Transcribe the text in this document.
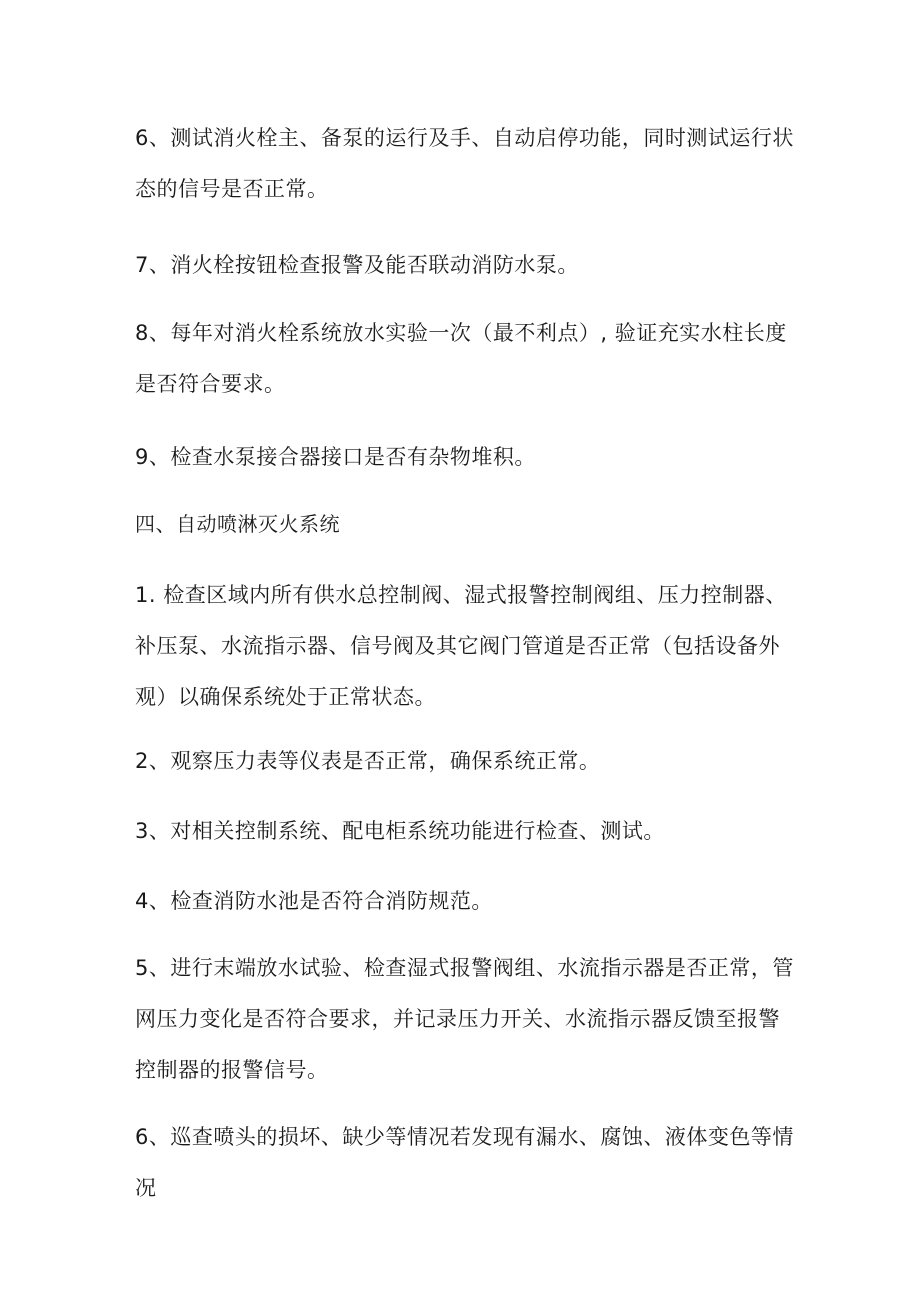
6、测试消火栓主、备泵的运行及手、自动启停功能，同时测试运行状态的信号是否正常。

7、消火栓按钮检查报警及能否联动消防水泵。

8、每年对消火栓系统放水实验一次（最不利点）, 验证充实水柱长度是否符合要求。

9、检查水泵接合器接口是否有杂物堆积。

四、自动喷淋灭火系统

1. 检查区域内所有供水总控制阀、湿式报警控制阀组、压力控制器、补压泵、水流指示器、信号阀及其它阀门管道是否正常（包括设备外观）以确保系统处于正常状态。

2、观察压力表等仪表是否正常，确保系统正常。

3、对相关控制系统、配电柜系统功能进行检查、测试。

4、检查消防水池是否符合消防规范。

5、进行末端放水试验、检查湿式报警阀组、水流指示器是否正常，管网压力变化是否符合要求，并记录压力开关、水流指示器反馈至报警控制器的报警信号。

6、巡查喷头的损坏、缺少等情况若发现有漏水、腐蚀、液体变色等情况
